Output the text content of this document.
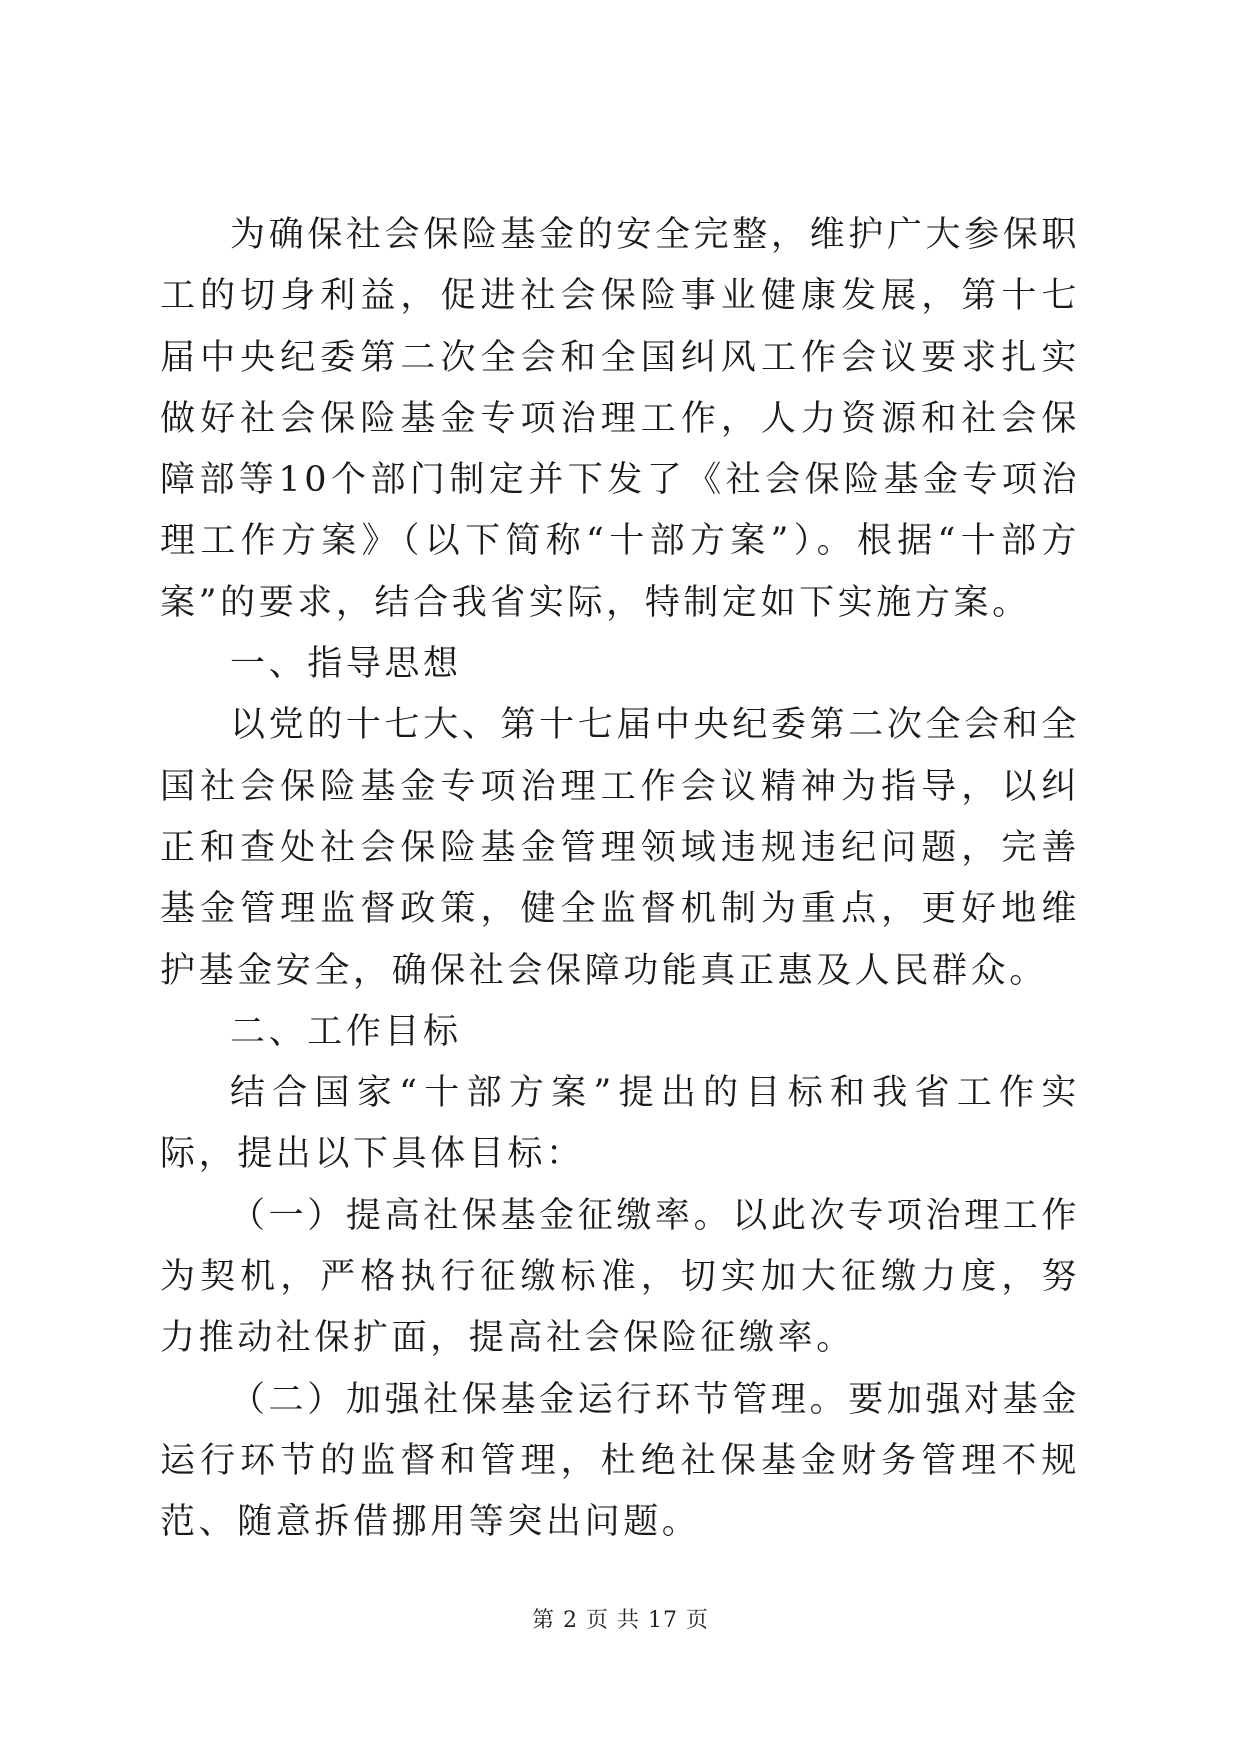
为确保社会保险基金的安全完整，维护广大参保职工的切身利益，促进社会保险事业健康发展，第十七届中央纪委第二次全会和全国纠风工作会议要求扎实做好社会保险基金专项治理工作，人力资源和社会保障部等10个部门制定并下发了《社会保险基金专项治理工作方案》（以下简称“十部方案”）。根据“十部方案”的要求，结合我省实际，特制定如下实施方案。

一、指导思想

以党的十七大、第十七届中央纪委第二次全会和全国社会保险基金专项治理工作会议精神为指导，以纠正和查处社会保险基金管理领域违规违纪问题，完善基金管理监督政策，健全监督机制为重点，更好地维护基金安全，确保社会保障功能真正惠及人民群众。

二、工作目标

结合国家“十部方案”提出的目标和我省工作实际，提出以下具体目标：

（一）提高社保基金征缴率。以此次专项治理工作为契机，严格执行征缴标准，切实加大征缴力度，努力推动社保扩面，提高社会保险征缴率。

（二）加强社保基金运行环节管理。要加强对基金运行环节的监督和管理，杜绝社保基金财务管理不规范、随意拆借挪用等突出问题。

第 2 页 共 17 页
